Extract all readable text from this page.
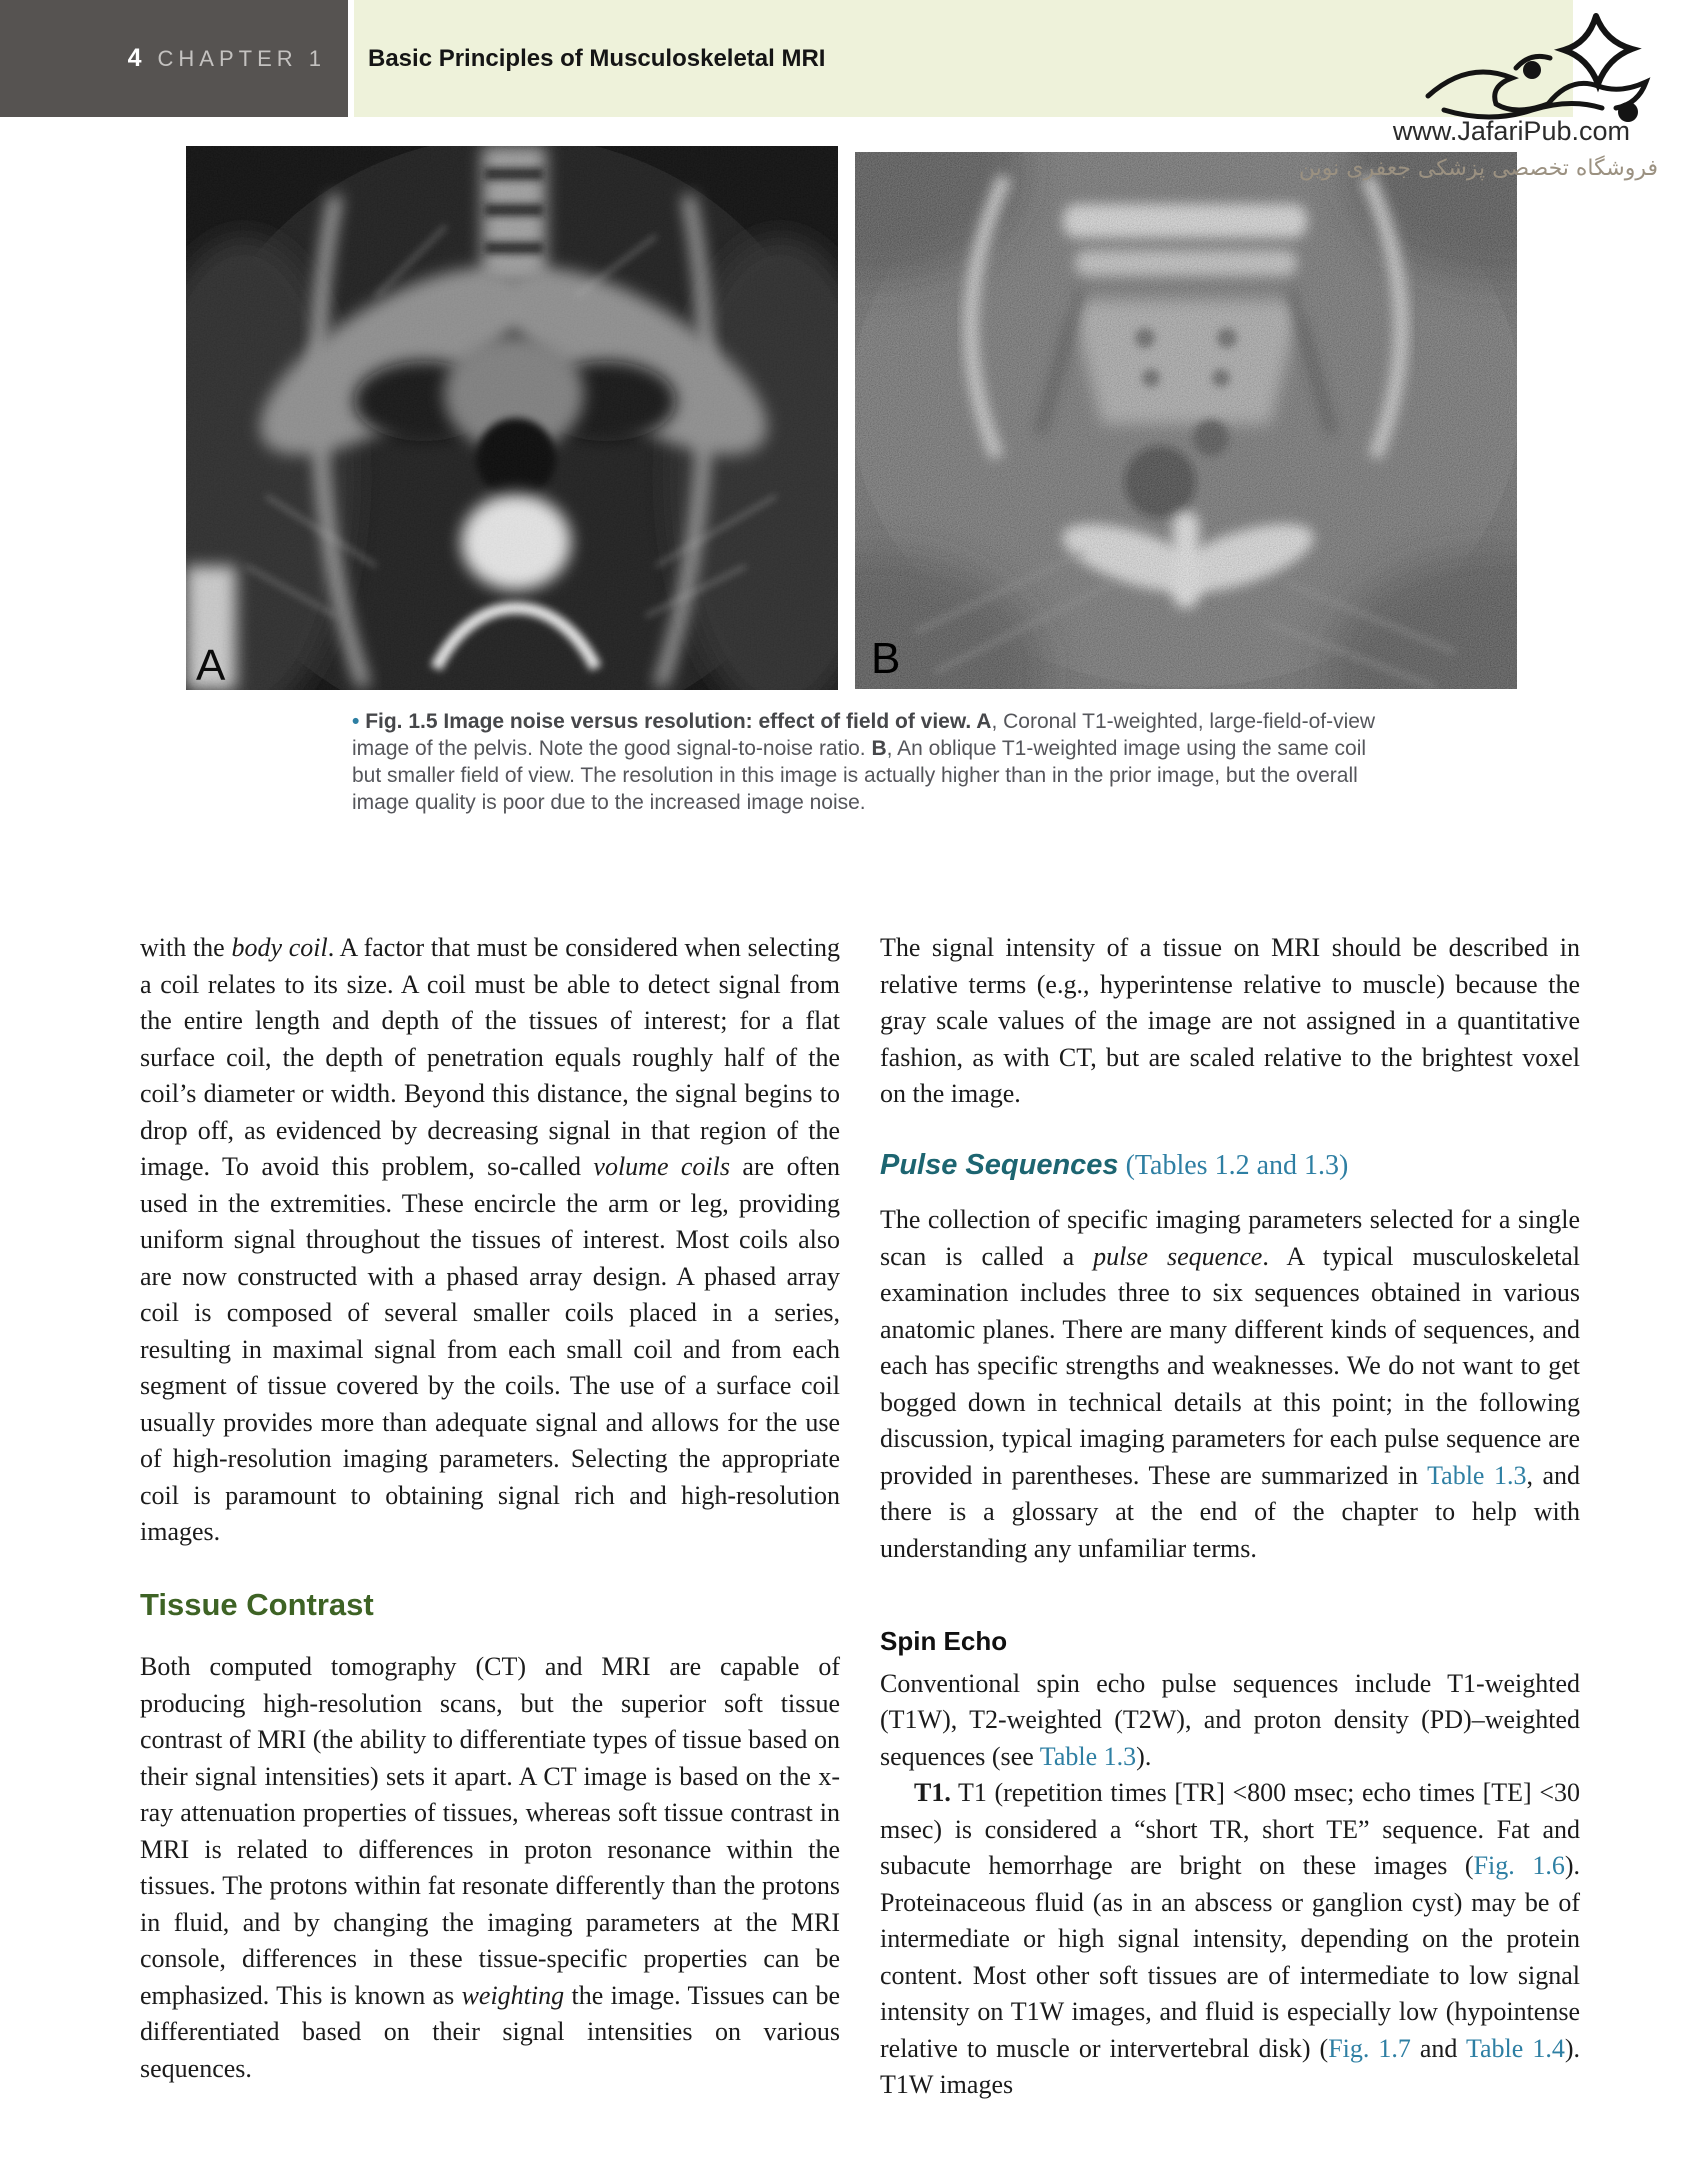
4 CHAPTER 1 Basic Principles of Musculoskeletal MRI
www.JafariPub.com
فروشگاه تخصصی پزشکی جعفری نوین
A	B
• Fig. 1.5 Image noise versus resolution: effect of field of view. A, Coronal T1-weighted, large-field-of-view image of the pelvis. Note the good signal-to-noise ratio. B, An oblique T1-weighted image using the same coil but smaller field of view. The resolution in this image is actually higher than in the prior image, but the overall image quality is poor due to the increased image noise.

with the body coil. A factor that must be considered when selecting a coil relates to its size. A coil must be able to detect signal from the entire length and depth of the tissues of interest; for a flat surface coil, the depth of penetration equals roughly half of the coil’s diameter or width. Beyond this distance, the signal begins to drop off, as evidenced by decreasing signal in that region of the image. To avoid this problem, so-called volume coils are often used in the extremities. These encircle the arm or leg, providing uniform signal throughout the tissues of interest. Most coils also are now constructed with a phased array design. A phased array coil is composed of several smaller coils placed in a series, resulting in maximal signal from each small coil and from each segment of tissue covered by the coils. The use of a surface coil usually provides more than adequate signal and allows for the use of high-resolution imaging parameters. Selecting the appropriate coil is paramount to obtaining signal rich and high-resolution images.

Tissue Contrast

Both computed tomography (CT) and MRI are capable of producing high-resolution scans, but the superior soft tissue contrast of MRI (the ability to differentiate types of tissue based on their signal intensities) sets it apart. A CT image is based on the x-ray attenuation properties of tissues, whereas soft tissue contrast in MRI is related to differences in proton resonance within the tissues. The protons within fat resonate differently than the protons in fluid, and by changing the imaging parameters at the MRI console, differences in these tissue-specific properties can be emphasized. This is known as weighting the image. Tissues can be differentiated based on their signal intensities on various sequences.

The signal intensity of a tissue on MRI should be described in relative terms (e.g., hyperintense relative to muscle) because the gray scale values of the image are not assigned in a quantitative fashion, as with CT, but are scaled relative to the brightest voxel on the image.

Pulse Sequences (Tables 1.2 and 1.3)

The collection of specific imaging parameters selected for a single scan is called a pulse sequence. A typical musculoskeletal examination includes three to six sequences obtained in various anatomic planes. There are many different kinds of sequences, and each has specific strengths and weaknesses. We do not want to get bogged down in technical details at this point; in the following discussion, typical imaging parameters for each pulse sequence are provided in parentheses. These are summarized in Table 1.3, and there is a glossary at the end of the chapter to help with understanding any unfamiliar terms.

Spin Echo

Conventional spin echo pulse sequences include T1-weighted (T1W), T2-weighted (T2W), and proton density (PD)–weighted sequences (see Table 1.3).

T1. T1 (repetition times [TR] <800 msec; echo times [TE] <30 msec) is considered a “short TR, short TE” sequence. Fat and subacute hemorrhage are bright on these images (Fig. 1.6). Proteinaceous fluid (as in an abscess or ganglion cyst) may be of intermediate or high signal intensity, depending on the protein content. Most other soft tissues are of intermediate to low signal intensity on T1W images, and fluid is especially low (hypointense relative to muscle or intervertebral disk) (Fig. 1.7 and Table 1.4). T1W images
